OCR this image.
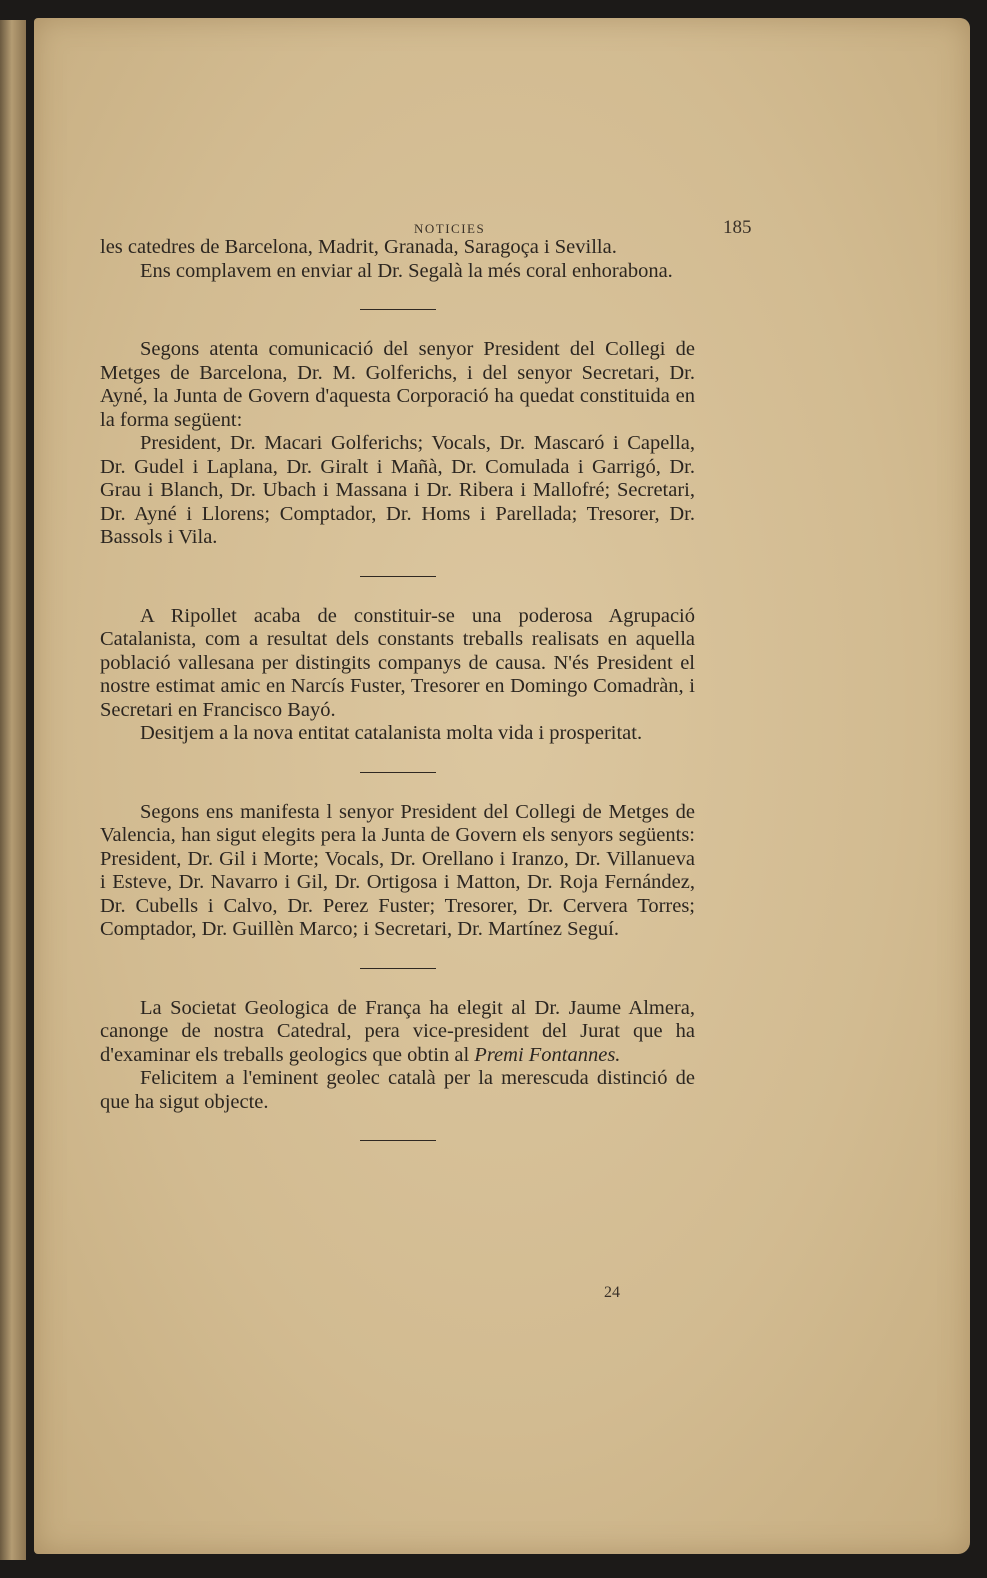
NOTICIES	185

les catedres de Barcelona, Madrit, Granada, Saragoça i Sevilla.

Ens complavem en enviar al Dr. Segalà la més coral enhorabona.

Segons atenta comunicació del senyor President del Collegi de Metges de Barcelona, Dr. M. Golferichs, i del senyor Secretari, Dr. Ayné, la Junta de Govern d'aquesta Corporació ha quedat constituida en la forma següent:

President, Dr. Macari Golferichs; Vocals, Dr. Mascaró i Capella, Dr. Gudel i Laplana, Dr. Giralt i Mañà, Dr. Comulada i Garrigó, Dr. Grau i Blanch, Dr. Ubach i Massana i Dr. Ribera i Mallofré; Secretari, Dr. Ayné i Llorens; Comptador, Dr. Homs i Parellada; Tresorer, Dr. Bassols i Vila.

A Ripollet acaba de constituir-se una poderosa Agrupació Catalanista, com a resultat dels constants treballs realisats en aquella població vallesana per distingits companys de causa. N'és President el nostre estimat amic en Narcís Fuster, Tresorer en Domingo Comadràn, i Secretari en Francisco Bayó.

Desitjem a la nova entitat catalanista molta vida i prosperitat.

Segons ens manifesta l senyor President del Collegi de Metges de Valencia, han sigut elegits pera la Junta de Govern els senyors següents: President, Dr. Gil i Morte; Vocals, Dr. Orellano i Iranzo, Dr. Villanueva i Esteve, Dr. Navarro i Gil, Dr. Ortigosa i Matton, Dr. Roja Fernández, Dr. Cubells i Calvo, Dr. Perez Fuster; Tresorer, Dr. Cervera Torres; Comptador, Dr. Guillèn Marco; i Secretari, Dr. Martínez Seguí.

La Societat Geologica de França ha elegit al Dr. Jaume Almera, canonge de nostra Catedral, pera vice-president del Jurat que ha d'examinar els treballs geologics que obtin al Premi Fontannes.

Felicitem a l'eminent geolec català per la merescuda distinció de que ha sigut objecte.

24
